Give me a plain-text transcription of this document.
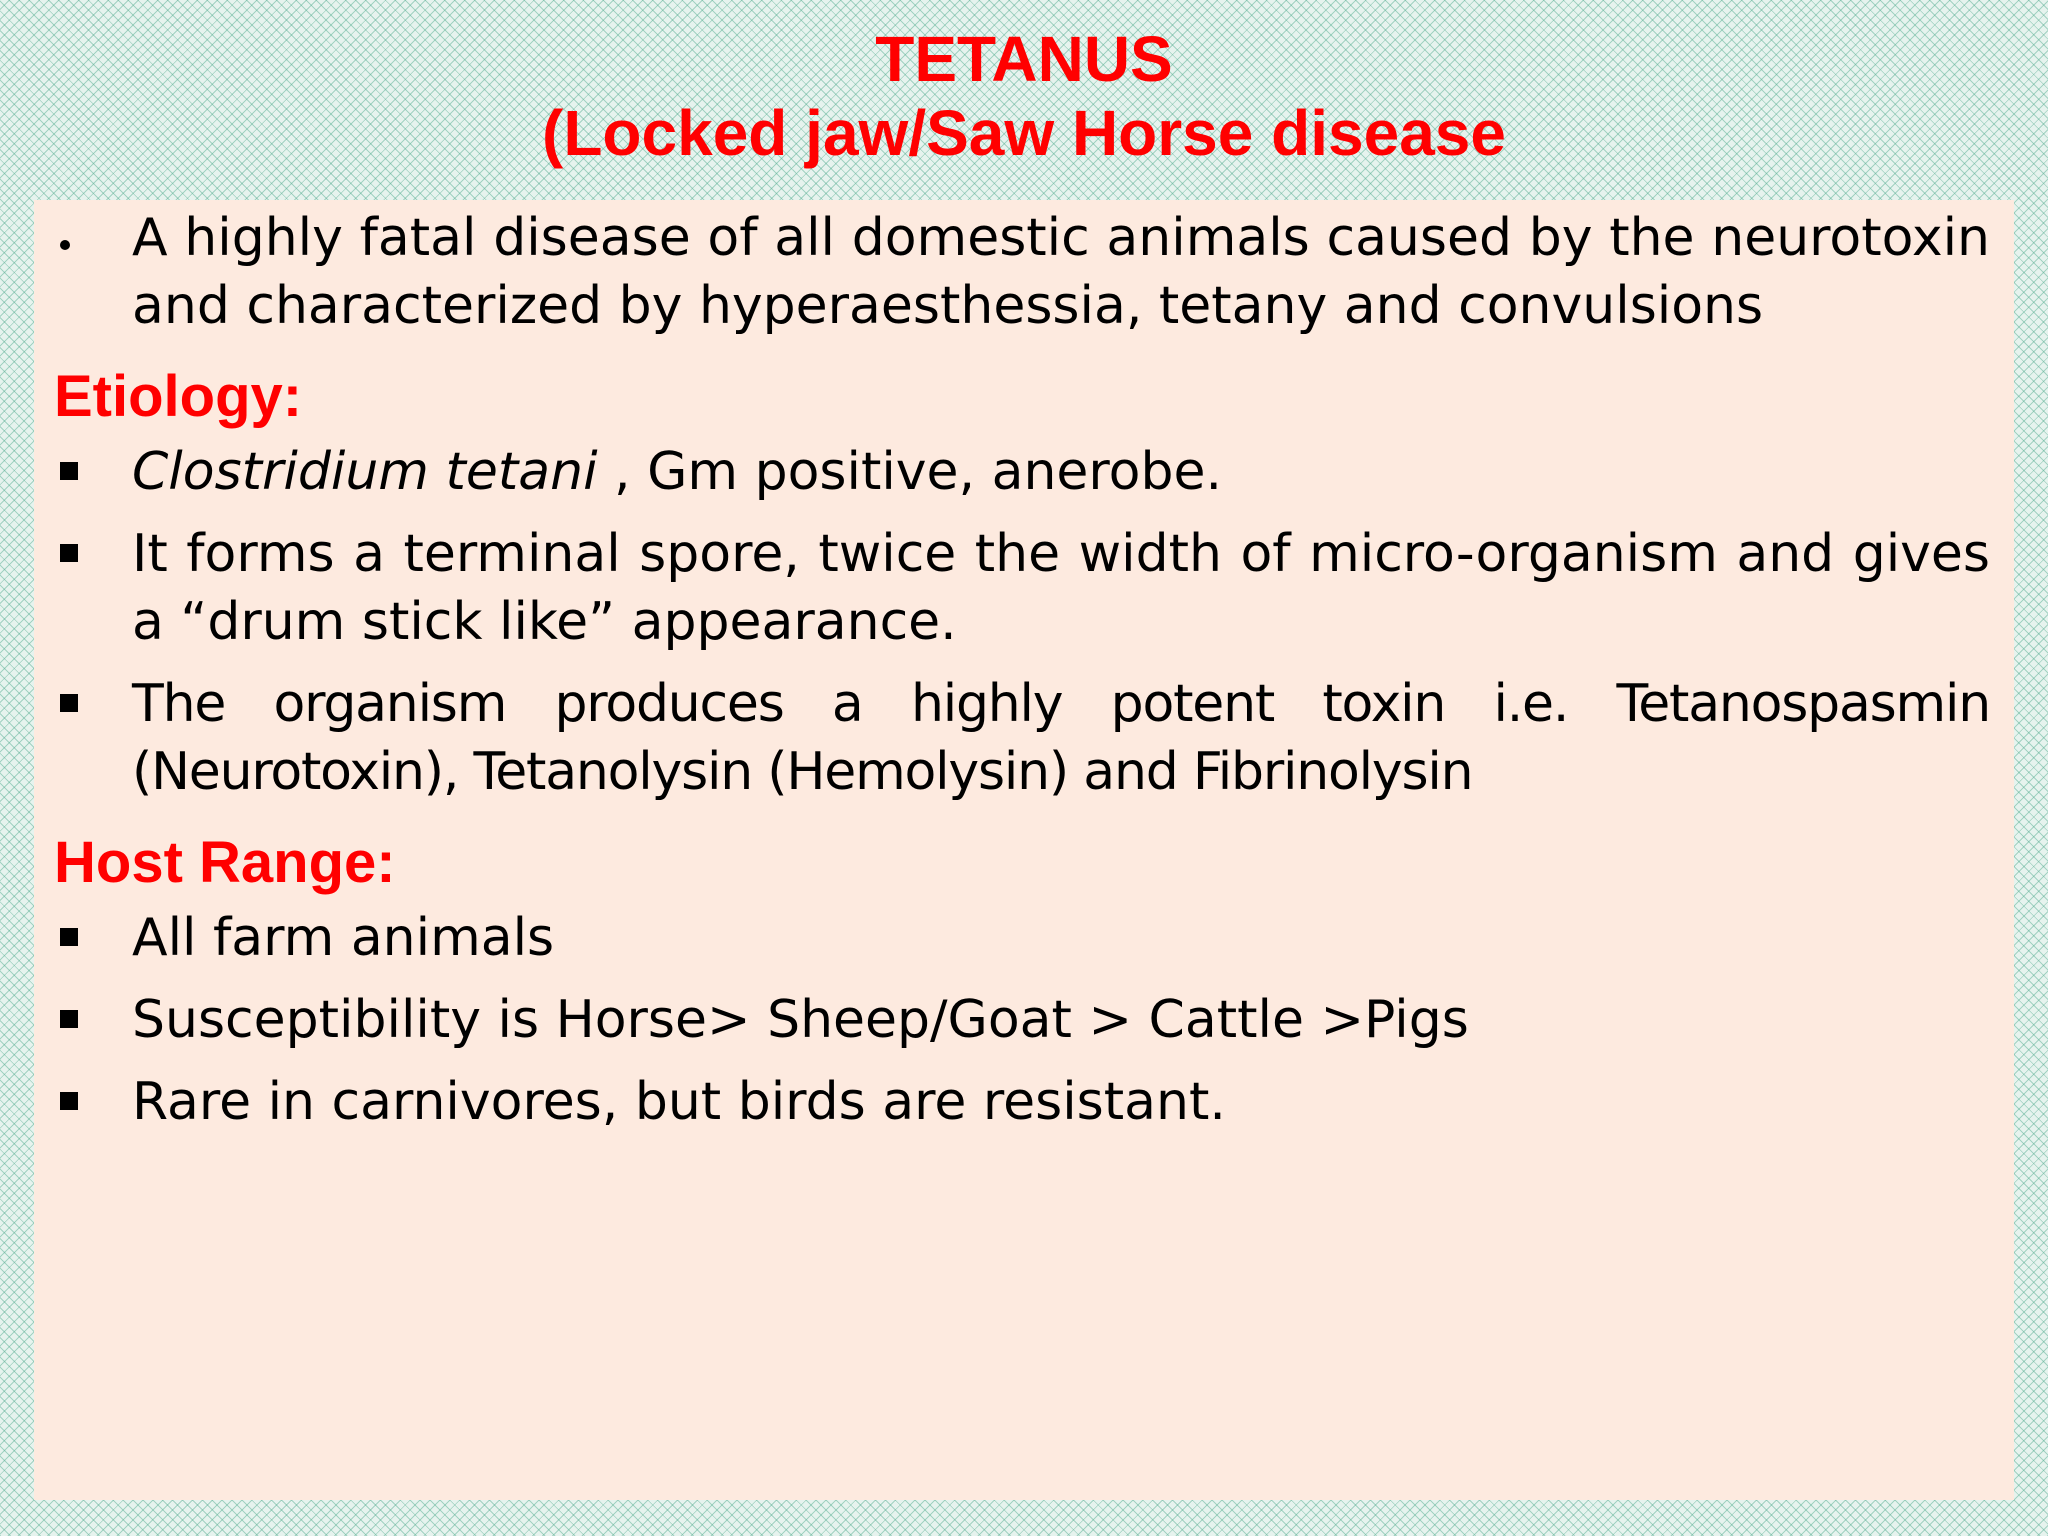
TETANUS
(Locked jaw/Saw Horse disease
A highly fatal disease of all domestic animals caused by the neurotoxin and characterized by hyperaesthessia, tetany and convulsions
Etiology:
Clostridium tetani , Gm positive, anerobe.
It forms a terminal spore, twice the width of micro-organism and gives a “drum stick like” appearance.
The organism produces a highly potent toxin i.e. Tetanospasmin (Neurotoxin), Tetanolysin (Hemolysin) and Fibrinolysin
Host Range:
All farm animals
Susceptibility is Horse> Sheep/Goat > Cattle >Pigs
Rare in carnivores, but birds are resistant.
